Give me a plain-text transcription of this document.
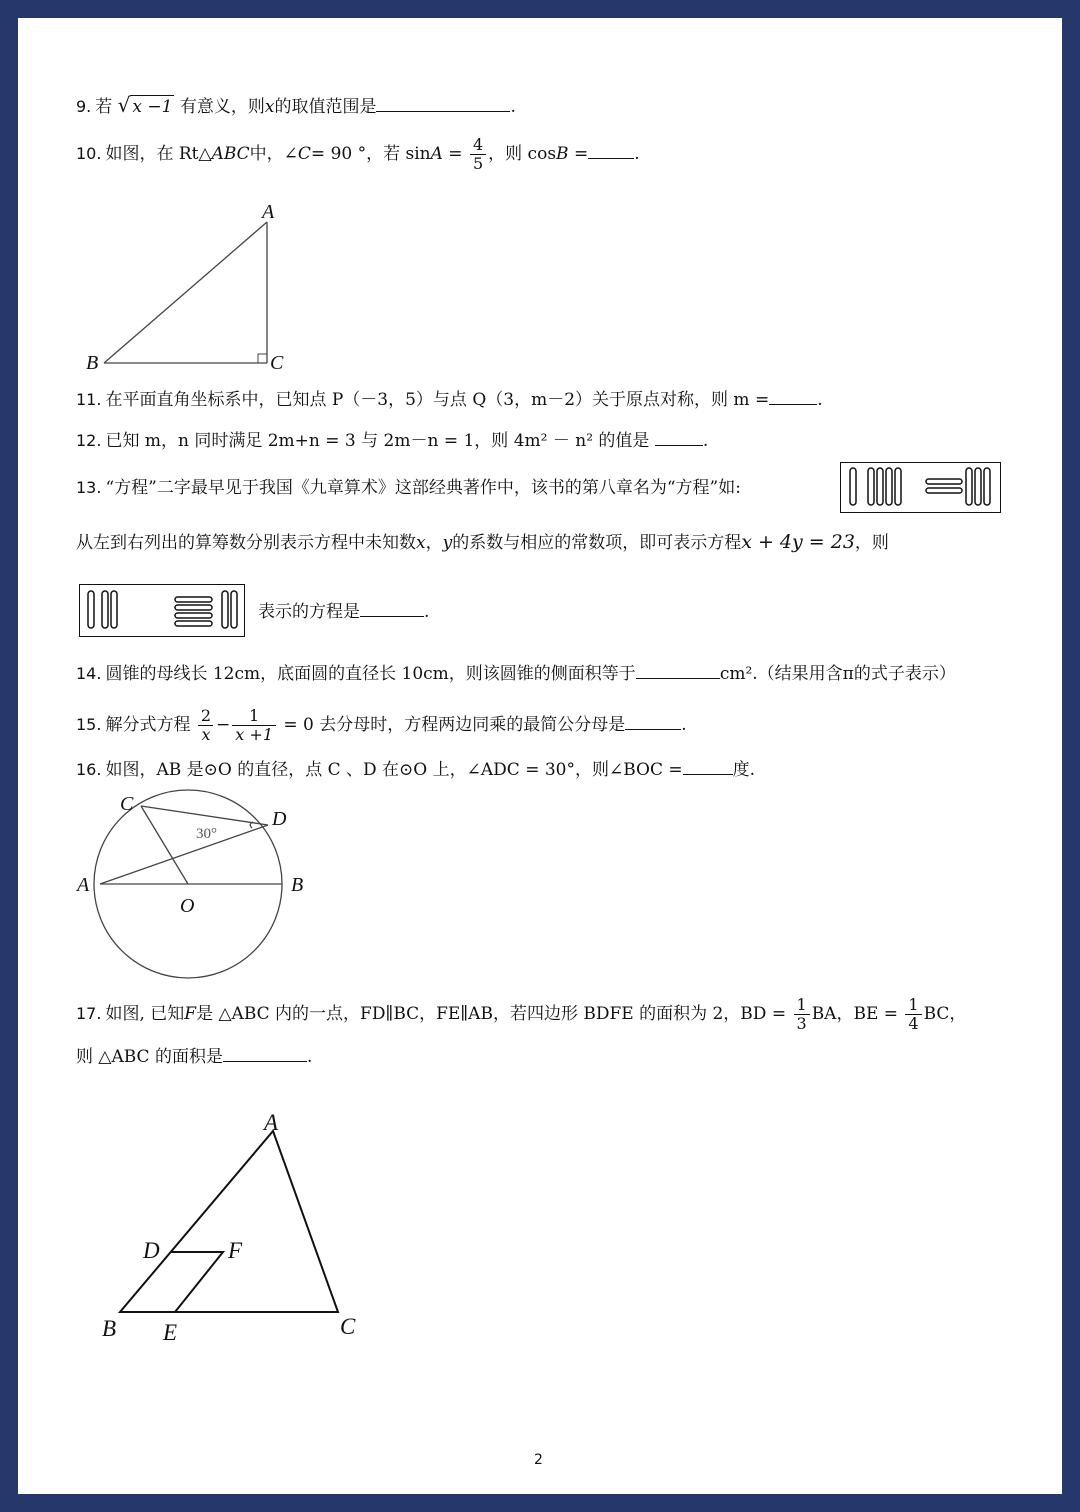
9. 若 √ x −1 有意义，则x的取值范围是	.
10. 如图，在 Rt△ABC中，∠C= 90 °，若 $\sin A = \frac{4}{5}$ ，则 cosB =	.
A
B	C
11. 在平面直角坐标系中，已知点 P（－3，5）与点 Q（3，m－2）关于原点对称，则 m =	.
12. 已知 m，n 同时满足 2m+n = 3 与 2m－n = 1，则 4m² － n² 的值是	.
13. “方程”二字最早见于我国《九章算术》这部经典著作中，该书的第八章名为“方程”如:
从左到右列出的算筹数分别表示方程中未知数x，y的系数与相应的常数项，即可表示方程x + 4y = 23，则
表示的方程是	.
14. 圆锥的母线长 12cm，底面圆的直径长 10cm，则该圆锥的侧面积等于	cm².（结果用含π的式子表示）
15. 解分式方程 $\frac{2}{x} - \frac{1}{x +1} = 0$ 去分母时，方程两边同乘的最简公分母是	.
16. 如图，AB 是⊙O 的直径，点 C 、D 在⊙O 上，∠ADC = 30°，则∠BOC =	度.
C
D
A	B
O
30°
17. 如图, 已知F是 △ABC 内的一点，FD∥BC，FE∥AB，若四边形 BDFE 的面积为 2，BD = $\frac{1}{3}$ BA，BE = $\frac{1}{4}$ BC，
则 △ABC 的面积是	.
A
D	F
B E	C
2
